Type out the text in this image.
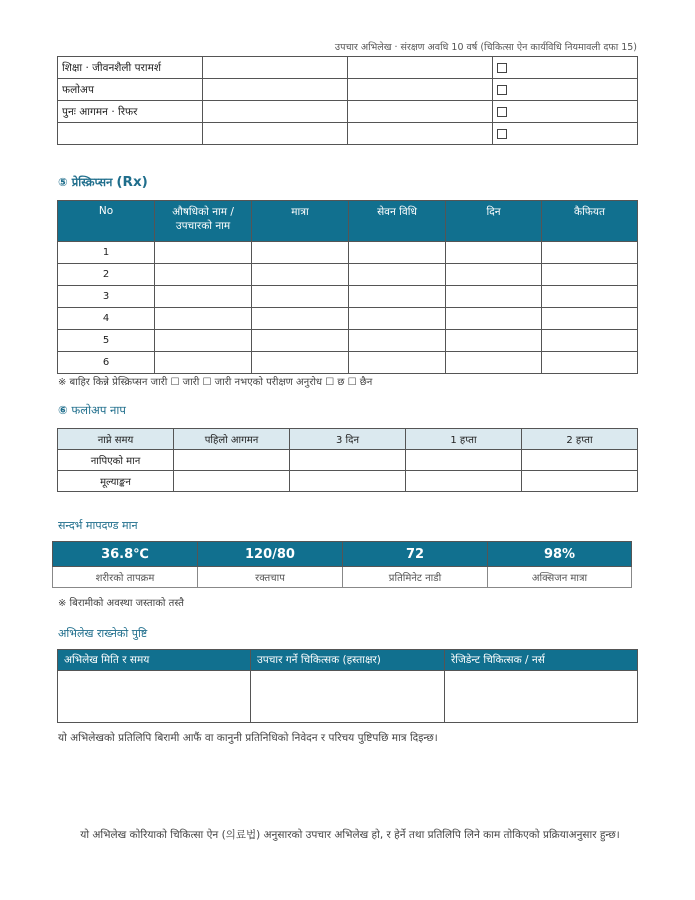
उपचार अभिलेख · संरक्षण अवधि 10 वर्ष (चिकित्सा ऐन कार्यविधि नियमावली दफा 15)
शिक्षा · जीवनशैली परामर्श			
फलोअप			
पुनः आगमन · रिफर			

⑤ प्रेस्क्रिप्सन (Rx)
No	औषधिको नाम / उपचारको नाम	मात्रा	सेवन विधि	दिन	कैफियत
1					
2					
3					
4					
5					
6					
※ बाहिर किन्ने प्रेस्क्रिप्सन जारी ☐ जारी ☐ जारी नभएको परीक्षण अनुरोध ☐ छ ☐ छैन
⑥ फलोअप नाप
नाप्ने समय	पहिलो आगमन	3 दिन	1 हप्ता	2 हप्ता
नापिएको मान				
मूल्याङ्कन				
सन्दर्भ मापदण्ड मान
36.8℃	120/80	72	98%
शरीरको तापक्रम	रक्तचाप	प्रतिमिनेट नाडी	अक्सिजन मात्रा
※ बिरामीको अवस्था जस्ताको तस्तै
अभिलेख राख्नेको पुष्टि
अभिलेख मिति र समय	उपचार गर्ने चिकित्सक (हस्ताक्षर)	रेजिडेन्ट चिकित्सक / नर्स

यो अभिलेखको प्रतिलिपि बिरामी आफैं वा कानुनी प्रतिनिधिको निवेदन र परिचय पुष्टिपछि मात्र दिइन्छ।
यो अभिलेख कोरियाको चिकित्सा ऐन (의료법) अनुसारको उपचार अभिलेख हो, र हेर्ने तथा प्रतिलिपि लिने काम तोकिएको प्रक्रियाअनुसार हुन्छ।
